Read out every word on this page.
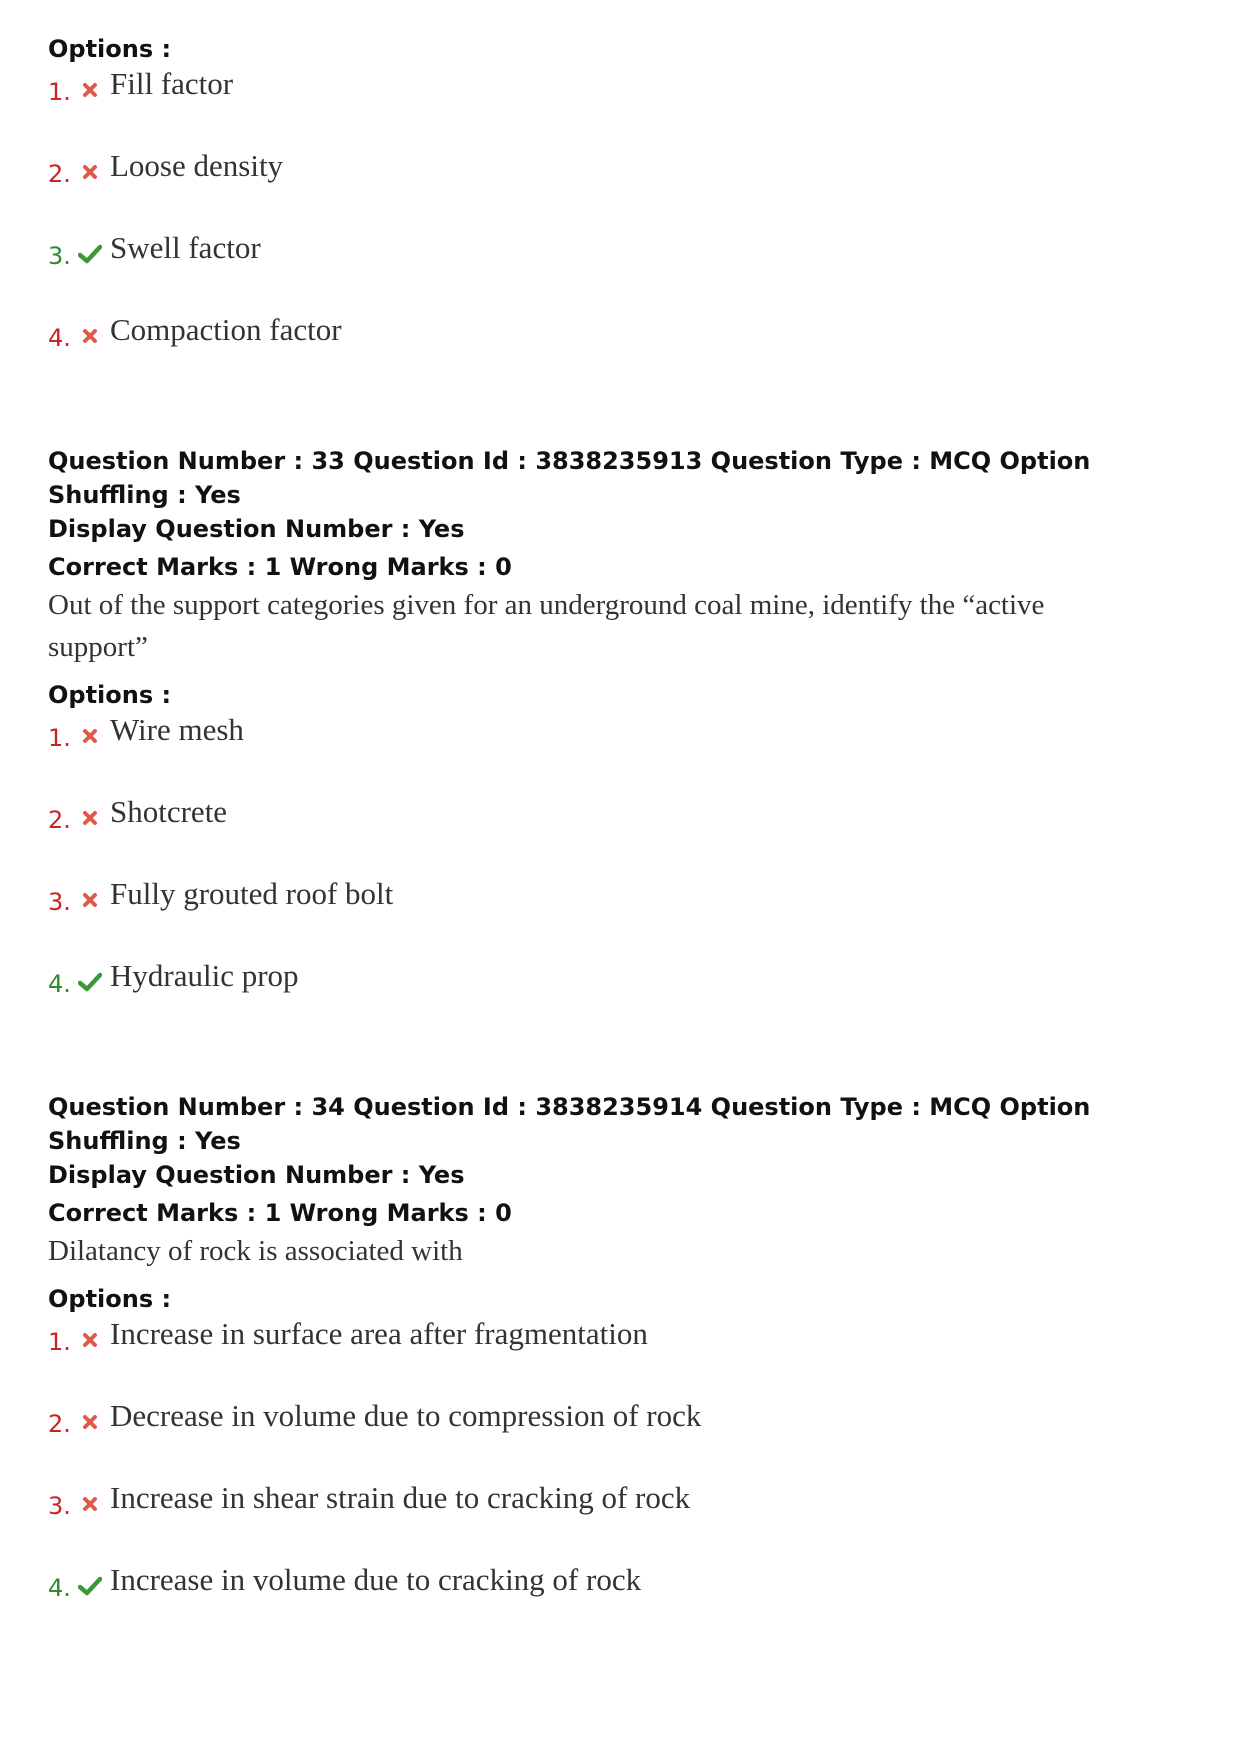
Options :
1. Fill factor
2. Loose density
3. Swell factor
4. Compaction factor
Question Number : 33 Question Id : 3838235913 Question Type : MCQ Option Shuffling : Yes
Display Question Number : Yes
Correct Marks : 1 Wrong Marks : 0
Out of the support categories given for an underground coal mine, identify the “active
support”
Options :
1. Wire mesh
2. Shotcrete
3. Fully grouted roof bolt
4. Hydraulic prop
Question Number : 34 Question Id : 3838235914 Question Type : MCQ Option Shuffling : Yes
Display Question Number : Yes
Correct Marks : 1 Wrong Marks : 0
Dilatancy of rock is associated with
Options :
1. Increase in surface area after fragmentation
2. Decrease in volume due to compression of rock
3. Increase in shear strain due to cracking of rock
4. Increase in volume due to cracking of rock
